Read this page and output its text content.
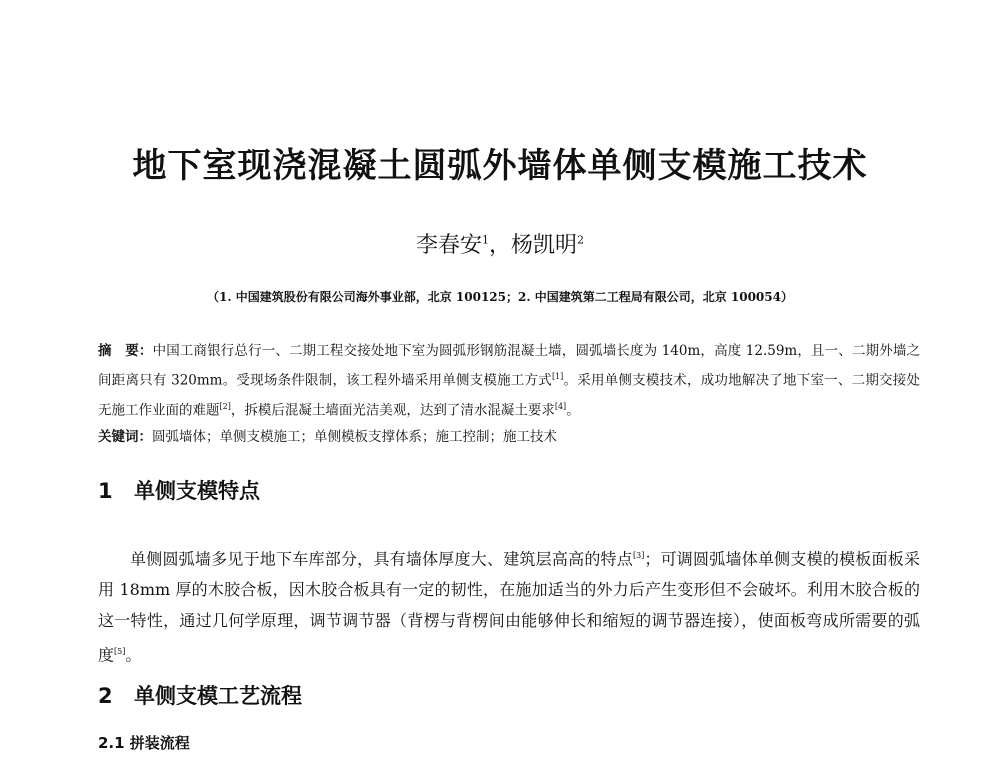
地下室现浇混凝土圆弧外墙体单侧支模施工技术
李春安$^1$，杨凯明$^2$
（1. 中国建筑股份有限公司海外事业部，北京 100125；2. 中国建筑第二工程局有限公司，北京 100054）
摘　要：中国工商银行总行一、二期工程交接处地下室为圆弧形钢筋混凝土墙，圆弧墙长度为 140m，高度 12.59m，且一、二期外墙之间距离只有 320mm。受现场条件限制，该工程外墙采用单侧支模施工方式[1]。采用单侧支模技术，成功地解决了地下室一、二期交接处无施工作业面的难题[2]，拆模后混凝土墙面光洁美观，达到了清水混凝土要求[4]。
关键词：圆弧墙体；单侧支模施工；单侧模板支撑体系；施工控制；施工技术
1 单侧支模特点
单侧圆弧墙多见于地下车库部分，具有墙体厚度大、建筑层高高的特点[3]；可调圆弧墙体单侧支模的模板面板采用 18mm 厚的木胶合板，因木胶合板具有一定的韧性，在施加适当的外力后产生变形但不会破坏。利用木胶合板的这一特性，通过几何学原理，调节调节器（背楞与背楞间由能够伸长和缩短的调节器连接），使面板弯成所需要的弧度[5]。
2 单侧支模工艺流程
2.1 拼装流程
